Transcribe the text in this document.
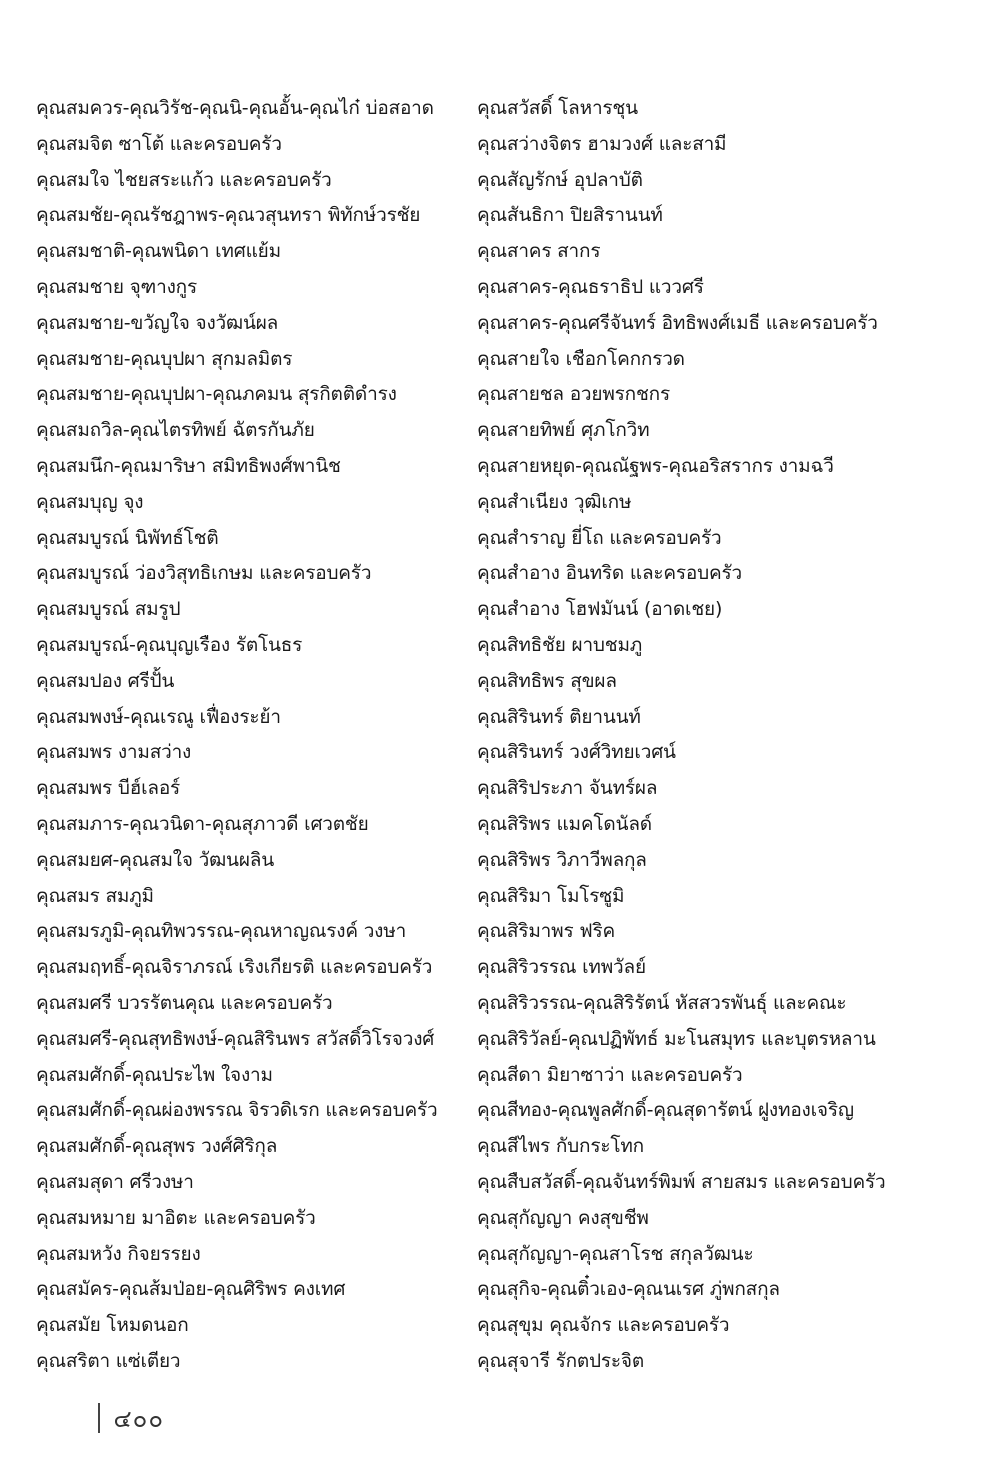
คุณสมควร-คุณวิรัช-คุณนิ-คุณอั้น-คุณไก๋ บ่อสอาด
คุณสมจิต ซาโต้ และครอบครัว
คุณสมใจ ไชยสระแก้ว และครอบครัว
คุณสมชัย-คุณรัชฎาพร-คุณวสุนทรา พิทักษ์วรชัย
คุณสมชาติ-คุณพนิดา เทศแย้ม
คุณสมชาย จุฑางกูร
คุณสมชาย-ขวัญใจ จงวัฒน์ผล
คุณสมชาย-คุณบุปผา สุกมลมิตร
คุณสมชาย-คุณบุปผา-คุณภคมน สุรกิตติดำรง
คุณสมถวิล-คุณไตรทิพย์ ฉัตรกันภัย
คุณสมนึก-คุณมาริษา สมิทธิพงศ์พานิช
คุณสมบุญ จุง
คุณสมบูรณ์ นิพัทธ์โชติ
คุณสมบูรณ์ ว่องวิสุทธิเกษม และครอบครัว
คุณสมบูรณ์ สมรูป
คุณสมบูรณ์-คุณบุญเรือง รัตโนธร
คุณสมปอง ศรีปั้น
คุณสมพงษ์-คุณเรณู เฟื่องระย้า
คุณสมพร งามสว่าง
คุณสมพร บีฮ์เลอร์
คุณสมภาร-คุณวนิดา-คุณสุภาวดี เศวตชัย
คุณสมยศ-คุณสมใจ วัฒนผลิน
คุณสมร สมภูมิ
คุณสมรภูมิ-คุณทิพวรรณ-คุณหาญณรงค์ วงษา
คุณสมฤทธิ์-คุณจิราภรณ์ เริงเกียรติ และครอบครัว
คุณสมศรี บวรรัตนคุณ และครอบครัว
คุณสมศรี-คุณสุทธิพงษ์-คุณสิรินพร สวัสดิ์วิโรจวงศ์
คุณสมศักดิ์-คุณประไพ ใจงาม
คุณสมศักดิ์-คุณผ่องพรรณ จิรวดิเรก และครอบครัว
คุณสมศักดิ์-คุณสุพร วงศ์ศิริกุล
คุณสมสุดา ศรีวงษา
คุณสมหมาย มาอิตะ และครอบครัว
คุณสมหวัง กิจยรรยง
คุณสมัคร-คุณส้มป่อย-คุณศิริพร คงเทศ
คุณสมัย โหมดนอก
คุณสริตา แซ่เตียว
คุณสวัสดิ์ โลหารชุน
คุณสว่างจิตร ฮามวงศ์ และสามี
คุณสัญรักษ์ อุปลาบัติ
คุณสันธิกา ปิยสิรานนท์
คุณสาคร สากร
คุณสาคร-คุณธราธิป แววศรี
คุณสาคร-คุณศรีจันทร์ อิทธิพงศ์เมธี และครอบครัว
คุณสายใจ เชือกโคกกรวด
คุณสายชล อวยพรกชกร
คุณสายทิพย์ ศุภโกวิท
คุณสายหยุด-คุณณัฐพร-คุณอริสรากร งามฉวี
คุณสำเนียง วุฒิเกษ
คุณสำราญ ยี่โถ และครอบครัว
คุณสำอาง อินทริด และครอบครัว
คุณสำอาง โฮฟมันน์ (อาดเชย)
คุณสิทธิชัย ผาบชมภู
คุณสิทธิพร สุขผล
คุณสิรินทร์ ติยานนท์
คุณสิรินทร์ วงศ์วิทยเวศน์
คุณสิริประภา จันทร์ผล
คุณสิริพร แมคโดนัลด์
คุณสิริพร วิภาวีพลกุล
คุณสิริมา โมโรซูมิ
คุณสิริมาพร ฟริค
คุณสิริวรรณ เทพวัลย์
คุณสิริวรรณ-คุณสิริรัตน์ หัสสวรพันธุ์ และคณะ
คุณสิริวัลย์-คุณปฏิพัทธ์ มะโนสมุทร และบุตรหลาน
คุณสีดา มิยาซาว่า และครอบครัว
คุณสีทอง-คุณพูลศักดิ์-คุณสุดารัตน์ ฝูงทองเจริญ
คุณสีไพร กับกระโทก
คุณสืบสวัสดิ์-คุณจันทร์พิมพ์ สายสมร และครอบครัว
คุณสุกัญญา คงสุขชีพ
คุณสุกัญญา-คุณสาโรช สกุลวัฒนะ
คุณสุกิจ-คุณติ๋วเอง-คุณนเรศ ภู่พกสกุล
คุณสุขุม คุณจักร และครอบครัว
คุณสุจารี รักตประจิต
๔๐๐
